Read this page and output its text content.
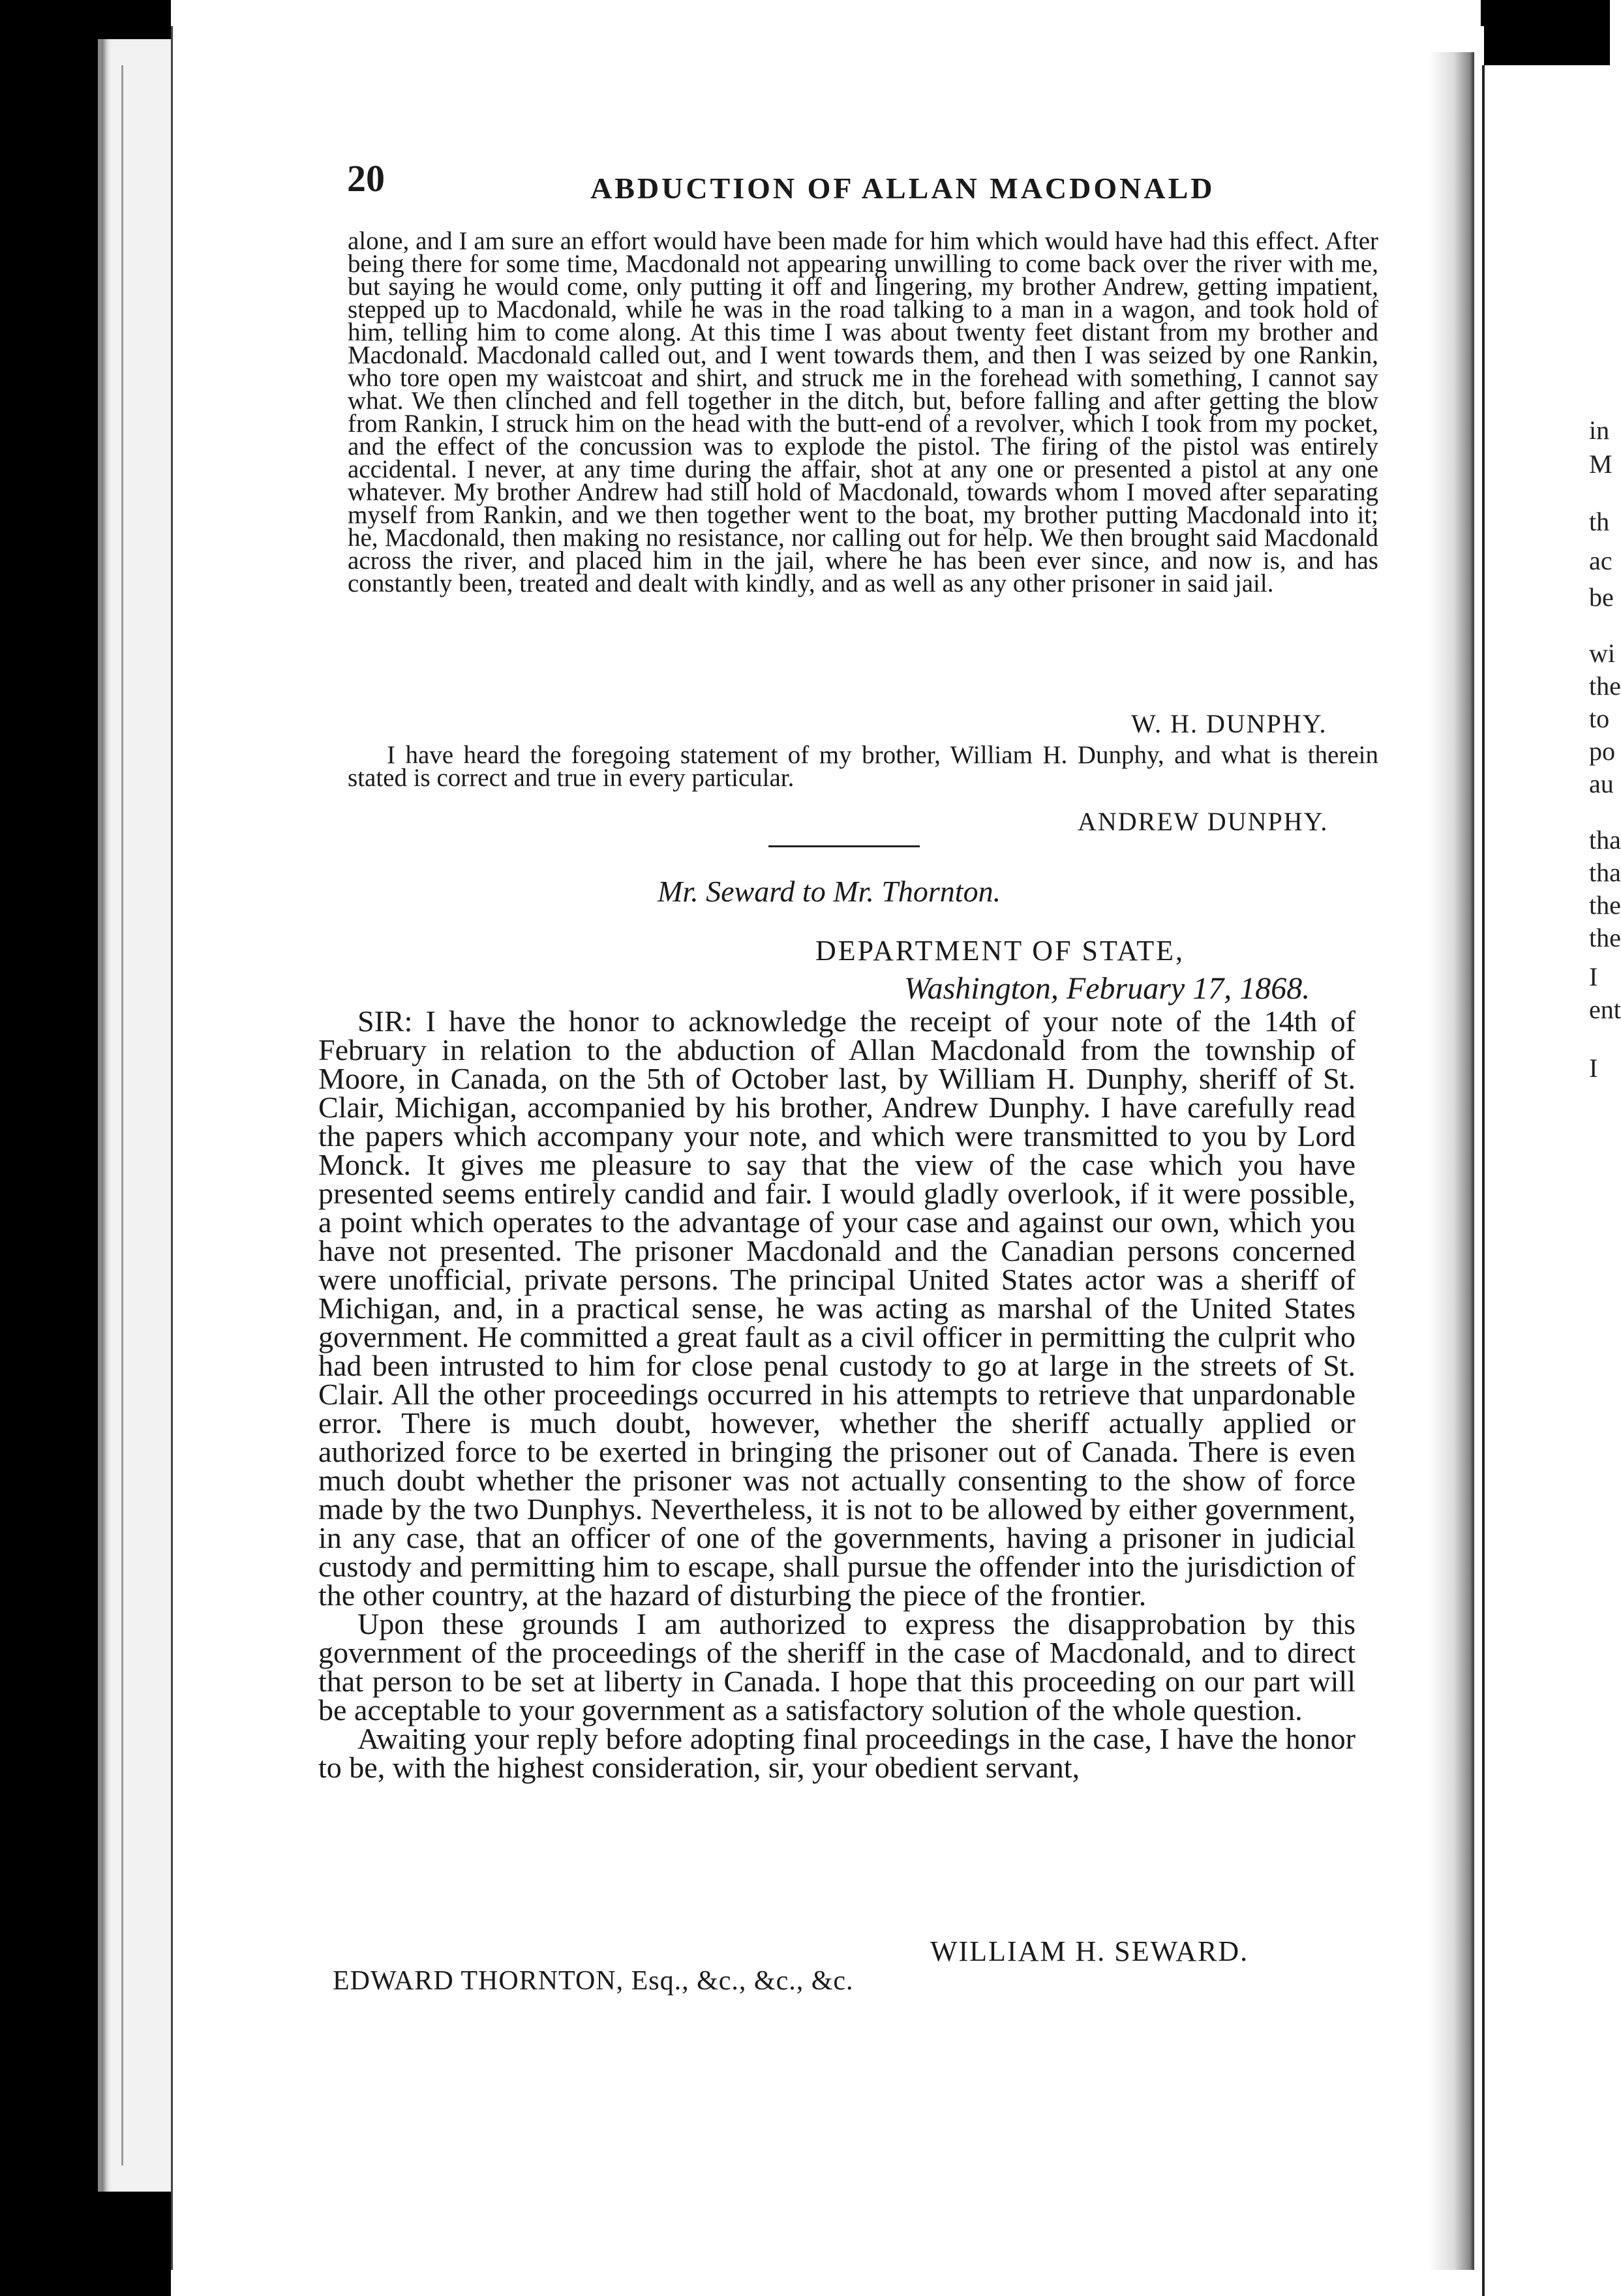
in
M
th
ac
be
wi
the
to
po
au
tha
tha
the
the
I
ent
I
20	ABDUCTION OF ALLAN MACDONALD

alone, and I am sure an effort would have been made for him which would have had this effect. After being there for some time, Macdonald not appearing unwilling to come back over the river with me, but saying he would come, only putting it off and lingering, my brother Andrew, getting impatient, stepped up to Macdonald, while he was in the road talking to a man in a wagon, and took hold of him, telling him to come along. At this time I was about twenty feet distant from my brother and Macdonald. Macdonald called out, and I went towards them, and then I was seized by one Rankin, who tore open my waistcoat and shirt, and struck me in the forehead with something, I cannot say what. We then clinched and fell together in the ditch, but, before falling and after getting the blow from Rankin, I struck him on the head with the butt-end of a revolver, which I took from my pocket, and the effect of the concussion was to explode the pistol. The firing of the pistol was entirely accidental. I never, at any time during the affair, shot at any one or presented a pistol at any one whatever. My brother Andrew had still hold of Macdonald, towards whom I moved after separating myself from Rankin, and we then together went to the boat, my brother putting Macdonald into it; he, Macdonald, then making no resistance, nor calling out for help. We then brought said Macdonald across the river, and placed him in the jail, where he has been ever since, and now is, and has constantly been, treated and dealt with kindly, and as well as any other prisoner in said jail.

W. H. DUNPHY.

I have heard the foregoing statement of my brother, William H. Dunphy, and what is therein stated is correct and true in every particular.

ANDREW DUNPHY.
Mr. Seward to Mr. Thornton.
DEPARTMENT OF STATE,
Washington, February 17, 1868.

SIR: I have the honor to acknowledge the receipt of your note of the 14th of February in relation to the abduction of Allan Macdonald from the township of Moore, in Canada, on the 5th of October last, by William H. Dunphy, sheriff of St. Clair, Michigan, accompanied by his brother, Andrew Dunphy. I have carefully read the papers which accompany your note, and which were transmitted to you by Lord Monck. It gives me pleasure to say that the view of the case which you have presented seems entirely candid and fair. I would gladly overlook, if it were possible, a point which operates to the advantage of your case and against our own, which you have not presented. The prisoner Macdonald and the Canadian persons concerned were unofficial, private persons. The principal United States actor was a sheriff of Michigan, and, in a practical sense, he was acting as marshal of the United States government. He committed a great fault as a civil officer in permitting the culprit who had been intrusted to him for close penal custody to go at large in the streets of St. Clair. All the other proceedings occurred in his attempts to retrieve that unpardonable error. There is much doubt, however, whether the sheriff actually applied or authorized force to be exerted in bringing the prisoner out of Canada. There is even much doubt whether the prisoner was not actually consenting to the show of force made by the two Dunphys. Nevertheless, it is not to be allowed by either government, in any case, that an officer of one of the governments, having a prisoner in judicial custody and permitting him to escape, shall pursue the offender into the jurisdiction of the other country, at the hazard of disturbing the piece of the frontier.

Upon these grounds I am authorized to express the disapprobation by this government of the proceedings of the sheriff in the case of Macdonald, and to direct that person to be set at liberty in Canada. I hope that this proceeding on our part will be acceptable to your government as a satisfactory solution of the whole question.

Awaiting your reply before adopting final proceedings in the case, I have the honor to be, with the highest consideration, sir, your obedient servant,

WILLIAM H. SEWARD.
EDWARD THORNTON, Esq., &c., &c., &c.
